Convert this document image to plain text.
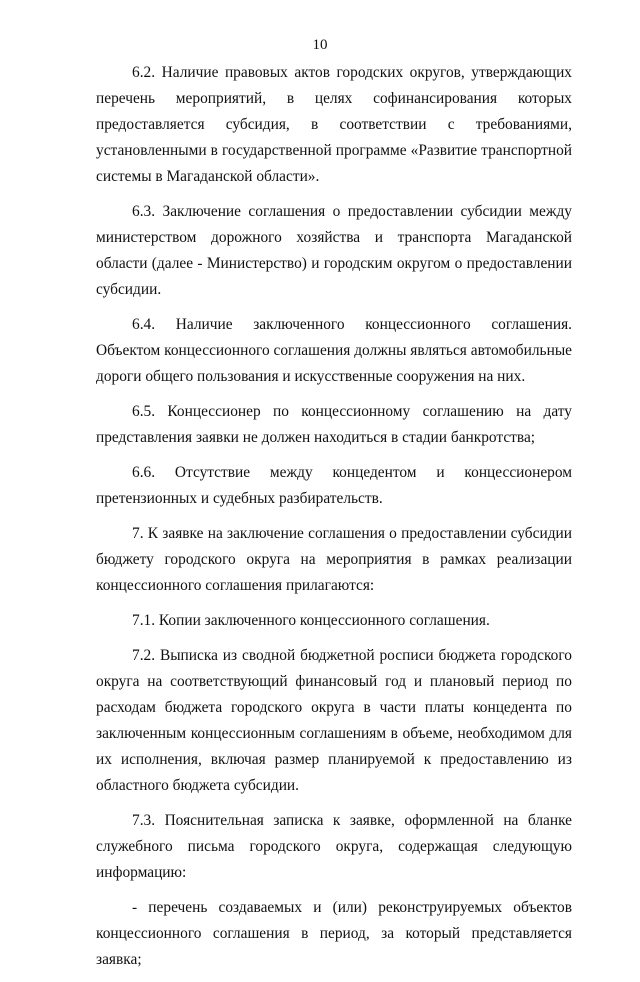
10

6.2. Наличие правовых актов городских округов, утверждающих перечень мероприятий, в целях софинансирования которых предоставляется субсидия, в соответствии с требованиями, установленными в государственной программе «Развитие транспортной системы в Магаданской области».

6.3. Заключение соглашения о предоставлении субсидии между министерством дорожного хозяйства и транспорта Магаданской области (далее - Министерство) и городским округом о предоставлении субсидии.

6.4. Наличие заключенного концессионного соглашения. Объектом концессионного соглашения должны являться автомобильные дороги общего пользования и искусственные сооружения на них.

6.5. Концессионер по концессионному соглашению на дату представления заявки не должен находиться в стадии банкротства;

6.6. Отсутствие между концедентом и концессионером претензионных и судебных разбирательств.

7. К заявке на заключение соглашения о предоставлении субсидии бюджету городского округа на мероприятия в рамках реализации концессионного соглашения прилагаются:

7.1. Копии заключенного концессионного соглашения.

7.2. Выписка из сводной бюджетной росписи бюджета городского округа на соответствующий финансовый год и плановый период по расходам бюджета городского округа в части платы концедента по заключенным концессионным соглашениям в объеме, необходимом для их исполнения, включая размер планируемой к предоставлению из областного бюджета субсидии.

7.3. Пояснительная записка к заявке, оформленной на бланке служебного письма городского округа, содержащая следующую информацию:

- перечень создаваемых и (или) реконструируемых объектов концессионного соглашения в период, за который представляется заявка;
